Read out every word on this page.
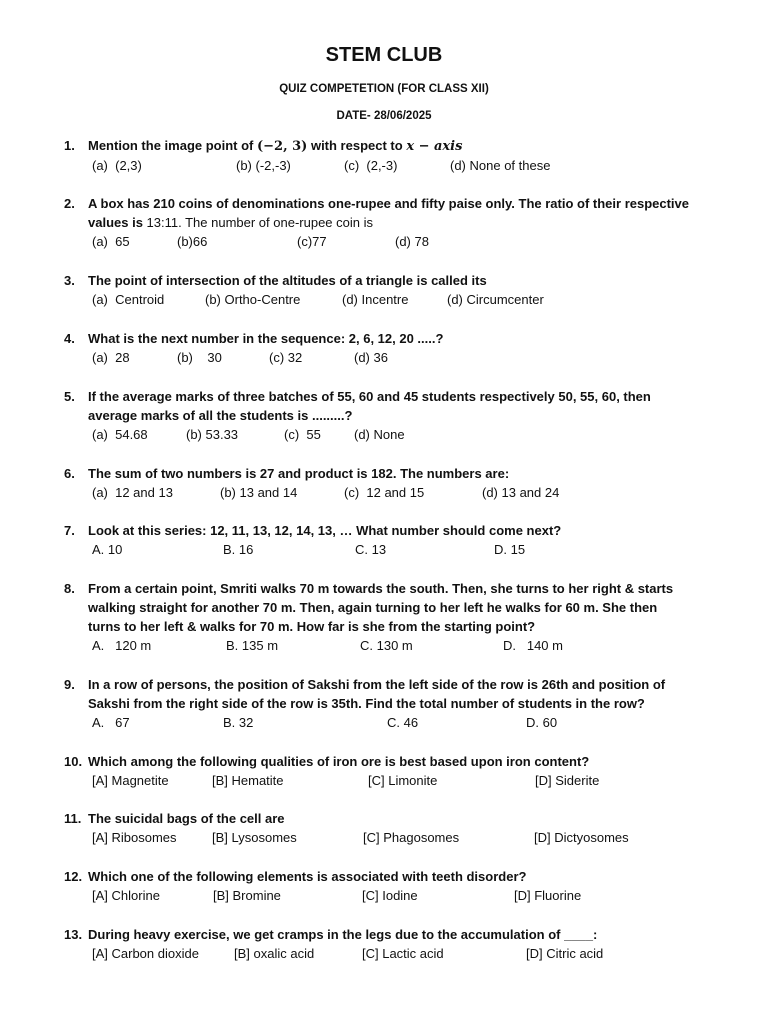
STEM CLUB
QUIZ COMPETETION (FOR CLASS XII)
DATE- 28/06/2025
1.	Mention the image point of (−2, 3) with respect to x − axis
(a)  (2,3)	(b) (-2,-3)	(c)  (2,-3)	(d) None of these
2.	A box has 210 coins of denominations one-rupee and fifty paise only. The ratio of their respective
values is 13:11. The number of one-rupee coin is
(a)  65	(b)66	(c)77	(d) 78
3.	The point of intersection of the altitudes of a triangle is called its
(a)  Centroid	(b) Ortho-Centre	(d) Incentre	(d) Circumcenter
4.	What is the next number in the sequence: 2, 6, 12, 20 .....?
(a)  28	(b)    30	(c) 32	(d) 36
5.	If the average marks of three batches of 55, 60 and 45 students respectively 50, 55, 60, then
average marks of all the students is .........?
(a)  54.68	(b) 53.33	(c)  55	(d) None
6.	The sum of two numbers is 27 and product is 182. The numbers are:
(a)  12 and 13	(b) 13 and 14	(c)  12 and 15	(d) 13 and 24
7.	Look at this series: 12, 11, 13, 12, 14, 13, … What number should come next?
A. 10	B. 16	C. 13	D. 15
8.	From a certain point, Smriti walks 70 m towards the south. Then, she turns to her right & starts
walking straight for another 70 m. Then, again turning to her left he walks for 60 m. She then
turns to her left & walks for 70 m. How far is she from the starting point?
A.   120 m	B. 135 m	C. 130 m	D.   140 m
9.	In a row of persons, the position of Sakshi from the left side of the row is 26th and position of
Sakshi from the right side of the row is 35th. Find the total number of students in the row?
A.   67	B. 32	C. 46	D. 60
10. Which among the following qualities of iron ore is best based upon iron content?
[A] Magnetite	[B] Hematite	[C] Limonite	[D] Siderite
11. The suicidal bags of the cell are
[A] Ribosomes	[B] Lysosomes	[C] Phagosomes	[D] Dictyosomes
12. Which one of the following elements is associated with teeth disorder?
[A] Chlorine	[B] Bromine	[C] Iodine	[D] Fluorine
13. During heavy exercise, we get cramps in the legs due to the accumulation of ____:
[A] Carbon dioxide	[B] oxalic acid	[C] Lactic acid	[D] Citric acid
